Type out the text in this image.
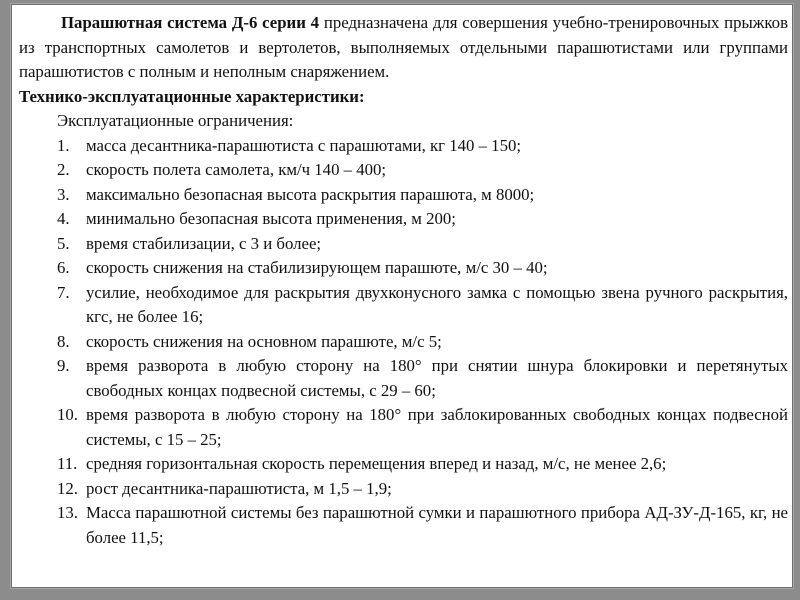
Парашютная система Д-6 серии 4 предназначена для совершения учебно-тренировочных прыжков из транспортных самолетов и вертолетов, выполняемых отдельными парашютистами или группами парашютистов с полным и неполным снаряжением.

Технико-эксплуатационные характеристики:

Эксплуатационные ограничения:

1. масса десантника-парашютиста с парашютами, кг 140 – 150;
2. скорость полета самолета, км/ч 140 – 400;
3. максимально безопасная высота раскрытия парашюта, м 8000;
4. минимально безопасная высота применения, м 200;
5. время стабилизации, с 3 и более;
6. скорость снижения на стабилизирующем парашюте, м/с 30 – 40;
7. усилие, необходимое для раскрытия двухконусного замка с помощью звена ручного раскрытия, кгс, не более 16;
8. скорость снижения на основном парашюте, м/с 5;
9. время разворота в любую сторону на 180° при снятии шнура блокировки и перетянутых свободных концах подвесной системы, с 29 – 60;
10. время разворота в любую сторону на 180° при заблокированных свободных концах подвесной системы, с 15 – 25;
11. средняя горизонтальная скорость перемещения вперед и назад, м/с, не менее 2,6;
12. рост десантника-парашютиста, м 1,5 – 1,9;
13. Масса парашютной системы без парашютной сумки и парашютного прибора АД-ЗУ-Д-165, кг, не более 11,5;
